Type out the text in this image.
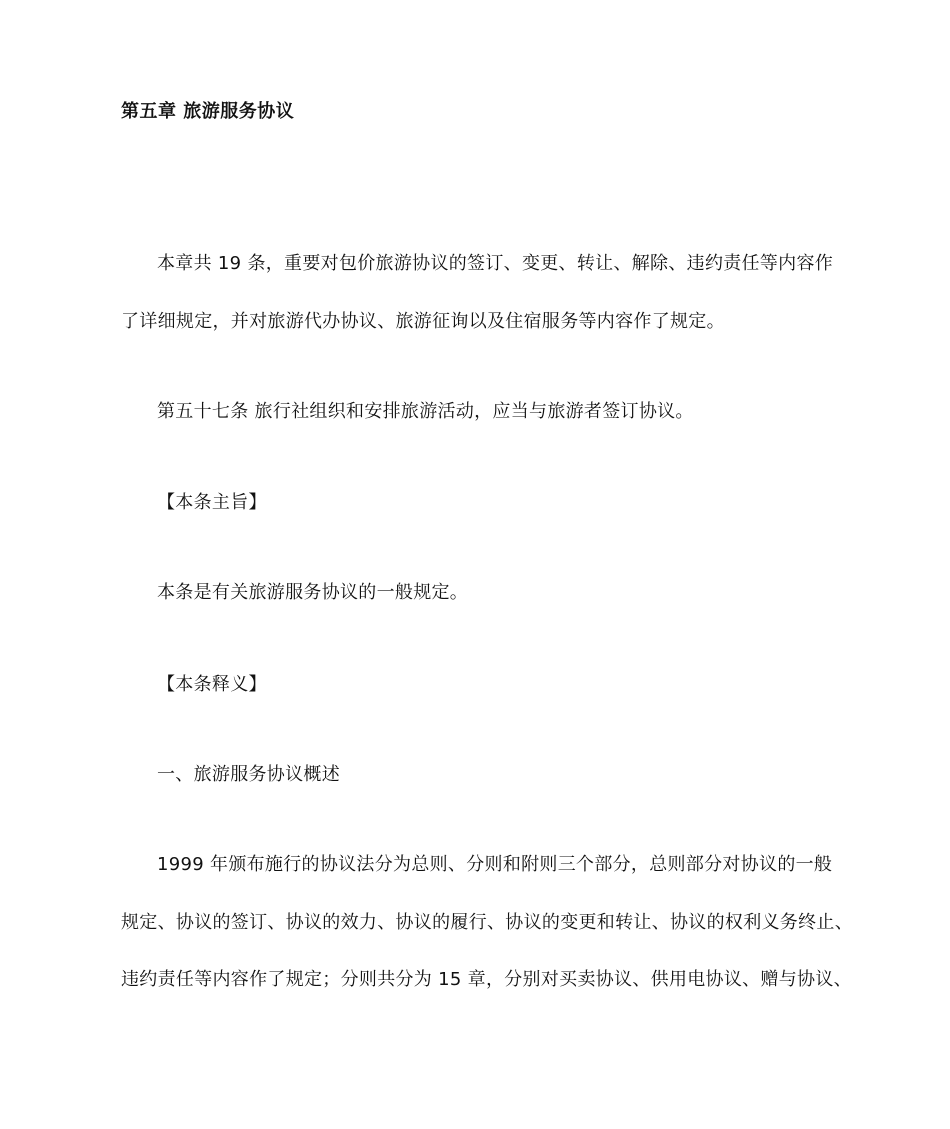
第五章 旅游服务协议
本章共 19 条，重要对包价旅游协议的签订、变更、转让、解除、违约责任等内容作
了详细规定，并对旅游代办协议、旅游征询以及住宿服务等内容作了规定。
第五十七条 旅行社组织和安排旅游活动，应当与旅游者签订协议。
【本条主旨】
本条是有关旅游服务协议的一般规定。
【本条释义】
一、旅游服务协议概述
1999 年颁布施行的协议法分为总则、分则和附则三个部分，总则部分对协议的一般
规定、协议的签订、协议的效力、协议的履行、协议的变更和转让、协议的权利义务终止、
违约责任等内容作了规定；分则共分为 15 章，分别对买卖协议、供用电协议、赠与协议、
